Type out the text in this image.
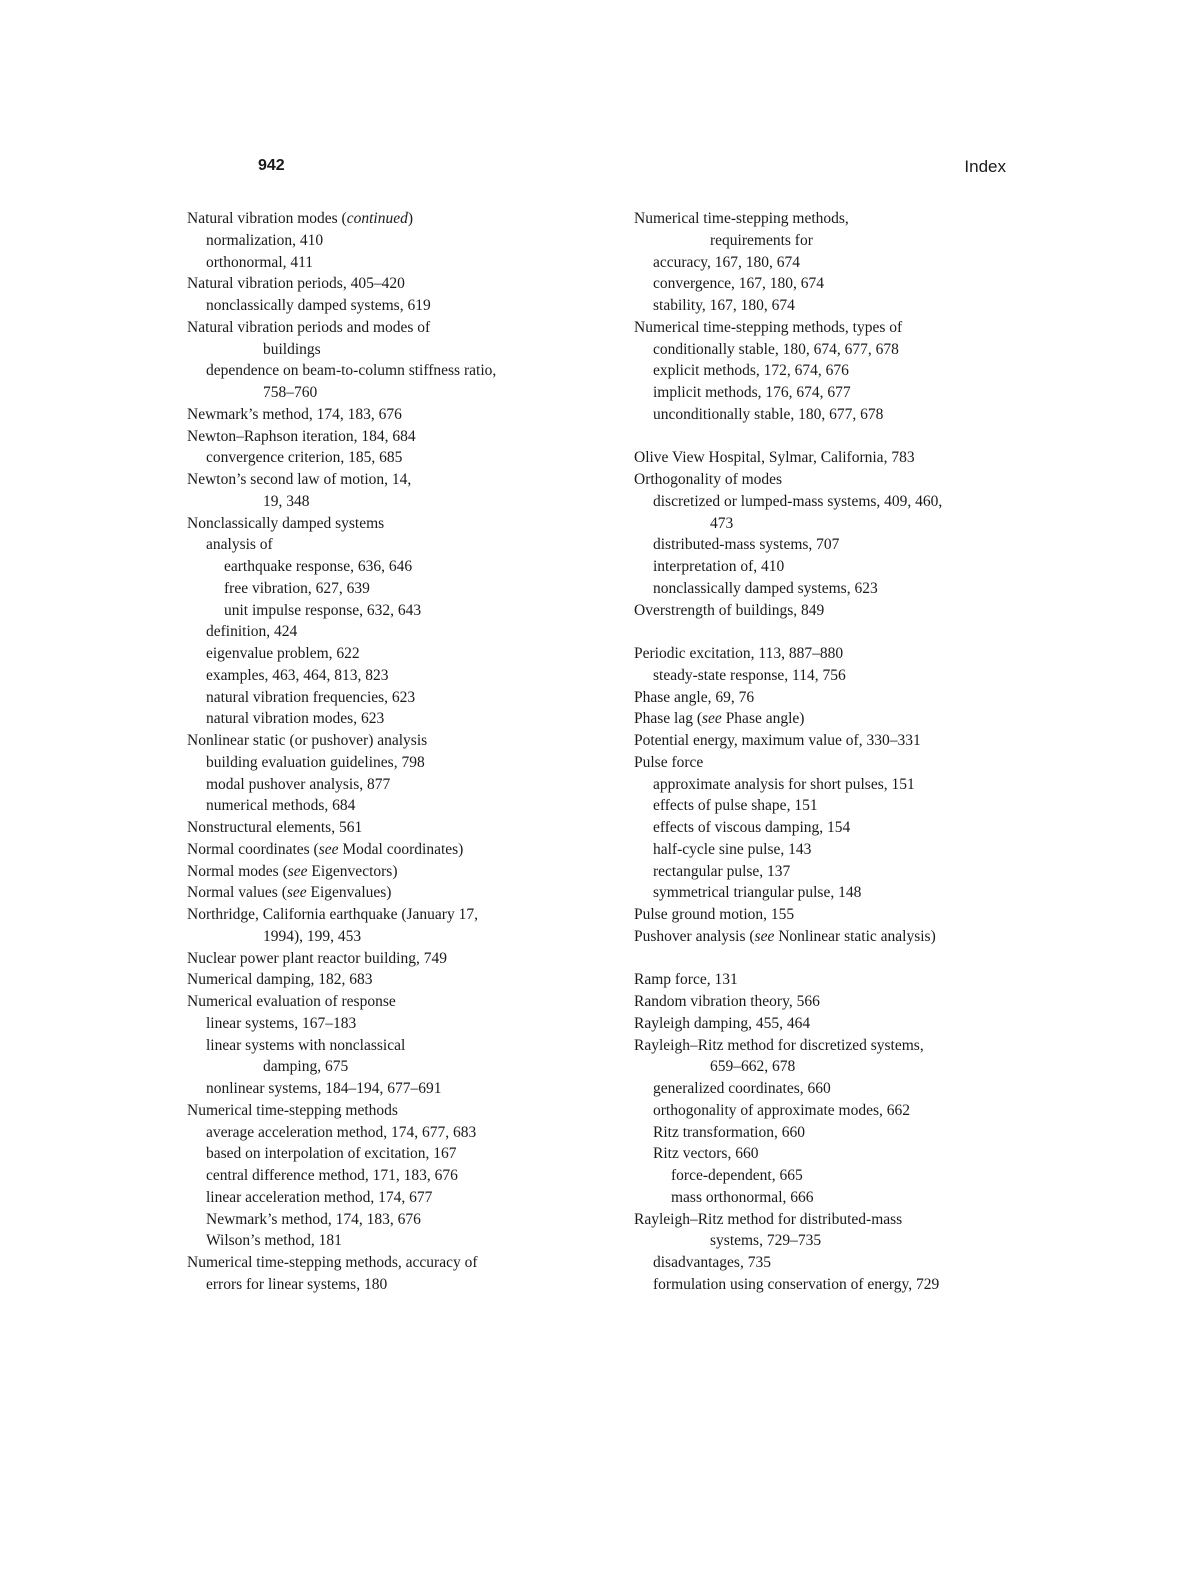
942	Index
Natural vibration modes (continued)
normalization, 410
orthonormal, 411
Natural vibration periods, 405–420
nonclassically damped systems, 619
Natural vibration periods and modes of
buildings
dependence on beam-to-column stiffness ratio,
758–760
Newmark’s method, 174, 183, 676
Newton–Raphson iteration, 184, 684
convergence criterion, 185, 685
Newton’s second law of motion, 14,
19, 348
Nonclassically damped systems
analysis of
earthquake response, 636, 646
free vibration, 627, 639
unit impulse response, 632, 643
definition, 424
eigenvalue problem, 622
examples, 463, 464, 813, 823
natural vibration frequencies, 623
natural vibration modes, 623
Nonlinear static (or pushover) analysis
building evaluation guidelines, 798
modal pushover analysis, 877
numerical methods, 684
Nonstructural elements, 561
Normal coordinates (see Modal coordinates)
Normal modes (see Eigenvectors)
Normal values (see Eigenvalues)
Northridge, California earthquake (January 17,
1994), 199, 453
Nuclear power plant reactor building, 749
Numerical damping, 182, 683
Numerical evaluation of response
linear systems, 167–183
linear systems with nonclassical
damping, 675
nonlinear systems, 184–194, 677–691
Numerical time-stepping methods
average acceleration method, 174, 677, 683
based on interpolation of excitation, 167
central difference method, 171, 183, 676
linear acceleration method, 174, 677
Newmark’s method, 174, 183, 676
Wilson’s method, 181
Numerical time-stepping methods, accuracy of
errors for linear systems, 180
Numerical time-stepping methods,
requirements for
accuracy, 167, 180, 674
convergence, 167, 180, 674
stability, 167, 180, 674
Numerical time-stepping methods, types of
conditionally stable, 180, 674, 677, 678
explicit methods, 172, 674, 676
implicit methods, 176, 674, 677
unconditionally stable, 180, 677, 678
Olive View Hospital, Sylmar, California, 783
Orthogonality of modes
discretized or lumped-mass systems, 409, 460,
473
distributed-mass systems, 707
interpretation of, 410
nonclassically damped systems, 623
Overstrength of buildings, 849
Periodic excitation, 113, 887–880
steady-state response, 114, 756
Phase angle, 69, 76
Phase lag (see Phase angle)
Potential energy, maximum value of, 330–331
Pulse force
approximate analysis for short pulses, 151
effects of pulse shape, 151
effects of viscous damping, 154
half-cycle sine pulse, 143
rectangular pulse, 137
symmetrical triangular pulse, 148
Pulse ground motion, 155
Pushover analysis (see Nonlinear static analysis)
Ramp force, 131
Random vibration theory, 566
Rayleigh damping, 455, 464
Rayleigh–Ritz method for discretized systems,
659–662, 678
generalized coordinates, 660
orthogonality of approximate modes, 662
Ritz transformation, 660
Ritz vectors, 660
force-dependent, 665
mass orthonormal, 666
Rayleigh–Ritz method for distributed-mass
systems, 729–735
disadvantages, 735
formulation using conservation of energy, 729
